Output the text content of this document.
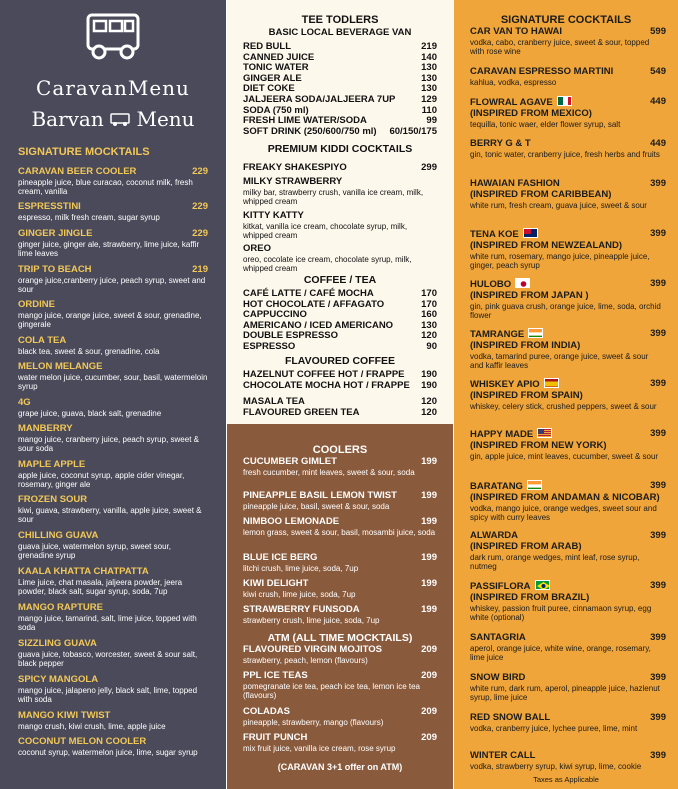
CaravanMenu
Barvan Menu
SIGNATURE MOCKTAILS
CARAVAN BEER COOLER	229
pineapple juice, blue curacao, coconut milk, fresh cream, vanilla
ESPRESSTINI	229
espresso, milk fresh cream, sugar syrup
GINGER JINGLE	229
ginger juice, ginger ale, strawberry, lime juice, kaffir lime leaves
TRIP TO BEACH	219
orange juice,cranberry juice, peach syrup, sweet and sour
ORDINE
mango juice, orange juice, sweet & sour, grenadine, gingerale
COLA TEA
black tea, sweet & sour, grenadine, cola
MELON MELANGE
water melon juice, cucumber, sour, basil, watermeloin syrup
4G
grape juice, guava, black salt, grenadine
MANBERRY
mango juice, cranberry juice, peach syrup, sweet & sour soda
MAPLE APPLE
apple juice, coconut syrup, apple cider vinegar, rosemary, ginger ale
FROZEN SOUR
kiwi, guava, strawberry, vanilla, apple juice, sweet & sour
CHILLING GUAVA
guava juice, watermelon syrup, sweet sour, grenadine syrup
KAALA KHATTA CHATPATTA
Lime juice, chat masala, jaljeera powder, jeera powder, black salt, sugar syrup, soda, 7up
MANGO RAPTURE
mango juice, tamarind, salt, lime juice, topped with soda
SIZZLING GUAVA
guava juice, tobasco, worcester, sweet & sour salt, black pepper
SPICY MANGOLA
mango juice, jalapeno jelly, black salt, lime, topped with soda
MANGO KIWI TWIST
mango crush, kiwi crush, lime, apple juice
COCONUT MELON COOLER
coconut syrup, watermelon juice, lime, sugar syrup
TEE TODLERS
BASIC LOCAL BEVERAGE VAN
RED BULL	219
CANNED JUICE	140
TONIC WATER	130
GINGER ALE	130
DIET COKE	130
JALJEERA SODA/JALJEERA 7UP	129
SODA (750 ml)	110
FRESH LIME WATER/SODA	99
SOFT DRINK (250/600/750 ml) 60/150/175
PREMIUM KIDDI COCKTAILS
FREAKY SHAKESPIYO	299
MILKY STRAWBERRY
milky bar, strawberry crush, vanilla ice cream, milk, whipped cream
KITTY KATTY
kitkat, vanilla ice cream, chocolate syrup, milk, whipped cream
OREO
oreo, cocolate ice cream, chocolate syrup, milk, whipped cream
COFFEE / TEA
CAFÉ LATTE / CAFÉ MOCHA	170
HOT CHOCOLATE / AFFAGATO	170
CAPPUCCINO	160
AMERICANO / ICED AMERICANO	130
DOUBLE ESPRESSO	120
ESPRESSO	90
FLAVOURED COFFEE
HAZELNUT COFFEE HOT / FRAPPE 190
CHOCOLATE MOCHA HOT / FRAPPE 190
MASALA TEA	120
FLAVOURED GREEN TEA	120
COOLERS
CUCUMBER GIMLET	199
fresh cucumber, mint leaves, sweet & sour, soda
PINEAPPLE BASIL LEMON TWIST	199
pineapple juice, basil, sweet & sour, soda
NIMBOO LEMONADE	199
lemon grass, sweet & sour, basil, mosambi juice, soda
BLUE ICE BERG	199
litchi crush, lime juice, soda, 7up
KIWI DELIGHT	199
kiwi crush, lime juice, soda, 7up
STRAWBERRY FUNSODA	199
strawberry crush, lime juice, soda, 7up
ATM (ALL TIME MOCKTAILS)
FLAVOURED VIRGIN MOJITOS	209
strawberry, peach, lemon (flavours)
PPL ICE TEAS	209
pomegranate ice tea, peach ice tea, lemon ice tea (flavours)
COLADAS	209
pineapple, strawberry, mango (flavours)
FRUIT PUNCH	209
mix fruit juice, vanilla ice cream, rose syrup
(CARAVAN 3+1 offer on ATM)
SIGNATURE COCKTAILS
CAR VAN TO HAWAI	599
vodka, cabo, cranberry juice, sweet & sour, topped with rose wine
CARAVAN ESPRESSO MARTINI	549
kahlua, vodka, espresso
FLOWRAL AGAVE	449
(INSPIRED FROM MEXICO)
tequilla, tonic waer, elder flower syrup, salt
BERRY G & T	449
gin, tonic water, cranberry juice, fresh herbs and fruits
HAWAIAN FASHION	399
(INSPIRED FROM CARIBBEAN)
white rum, fresh cream, guava juice, sweet & sour
TENA KOE	399
(INSPIRED FROM NEWZEALAND)
white rum, rosemary, mango juice, pineapple juice, ginger, peach syrup
HULOBO	399
(INSPIRED FROM JAPAN )
gin, pink guava crush, orange juice, lime, soda, orchid flower
TAMRANGE	399
(INSPIRED FROM INDIA)
vodka, tamarind puree, orange juice, sweet & sour and kaffir leaves
WHISKEY APIO	399
(INSPIRED FROM SPAIN)
whiskey, celery stick, crushed peppers, sweet & sour
HAPPY MADE	399
(INSPIRED FROM NEW YORK)
gin, apple juice, mint leaves, cucumber, sweet & sour
BARATANG	399
(INSPIRED FROM ANDAMAN & NICOBAR)
vodka, mango juice, orange wedges, sweet sour and spicy with curry leaves
ALWARDA	399
(INSPIRED FROM ARAB)
dark rum, orange wedges, mint leaf, rose syrup, nutmeg
PASSIFLORA	399
(INSPIRED FROM BRAZIL)
whiskey, passion fruit puree, cinnamaon syrup, egg white (optional)
SANTAGRIA	399
aperol, orange juice, white wine, orange, rosemary, lime juice
SNOW BIRD	399
white rum, dark rum, aperol, pineapple juice, hazlenut syrup, lime juice
RED SNOW BALL	399
vodka, cranberry juice, lychee puree, lime, mint
WINTER CALL	399
vodka, strawberry syrup, kiwi syrup, lime, cookie
Taxes as Applicable
